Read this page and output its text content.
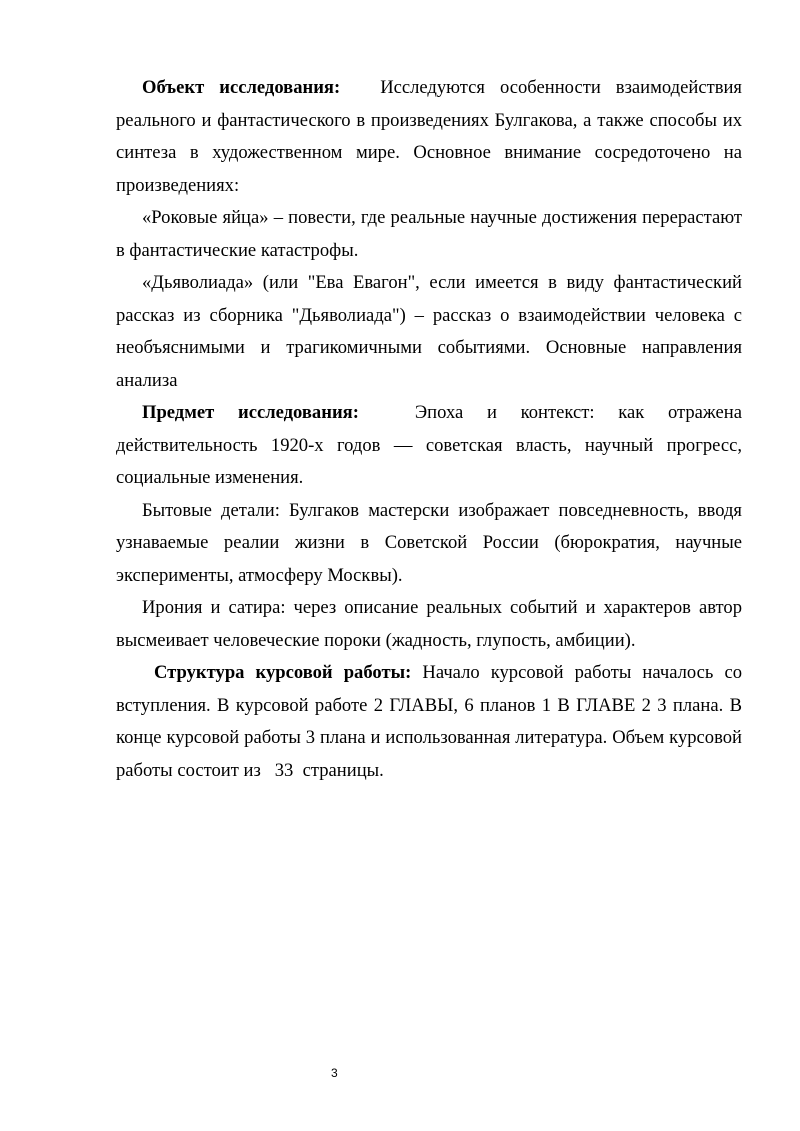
Объект исследования: Исследуются особенности взаимодействия реального и фантастического в произведениях Булгакова, а также способы их синтеза в художественном мире. Основное внимание сосредоточено на произведениях:

«Роковые яйца» – повести, где реальные научные достижения перерастают в фантастические катастрофы.

«Дьяволиада» (или "Ева Евагон", если имеется в виду фантастический рассказ из сборника "Дьяволиада") – рассказ о взаимодействии человека с необъяснимыми и трагикомичными событиями. Основные направления анализа

Предмет исследования:	Эпоха и контекст: как отражена действительность 1920-х годов — советская власть, научный прогресс, социальные изменения.

Бытовые детали: Булгаков мастерски изображает повседневность, вводя узнаваемые реалии жизни в Советской России (бюрократия, научные эксперименты, атмосферу Москвы).

Ирония и сатира: через описание реальных событий и характеров автор высмеивает человеческие пороки (жадность, глупость, амбиции).

Структура курсовой работы: Начало курсовой работы началось со вступления. В курсовой работе 2 ГЛАВЫ, 6 планов 1 В ГЛАВЕ 2 3 плана. В конце курсовой работы 3 плана и использованная литература. Объем курсовой работы состоит из 33 страницы.

3
